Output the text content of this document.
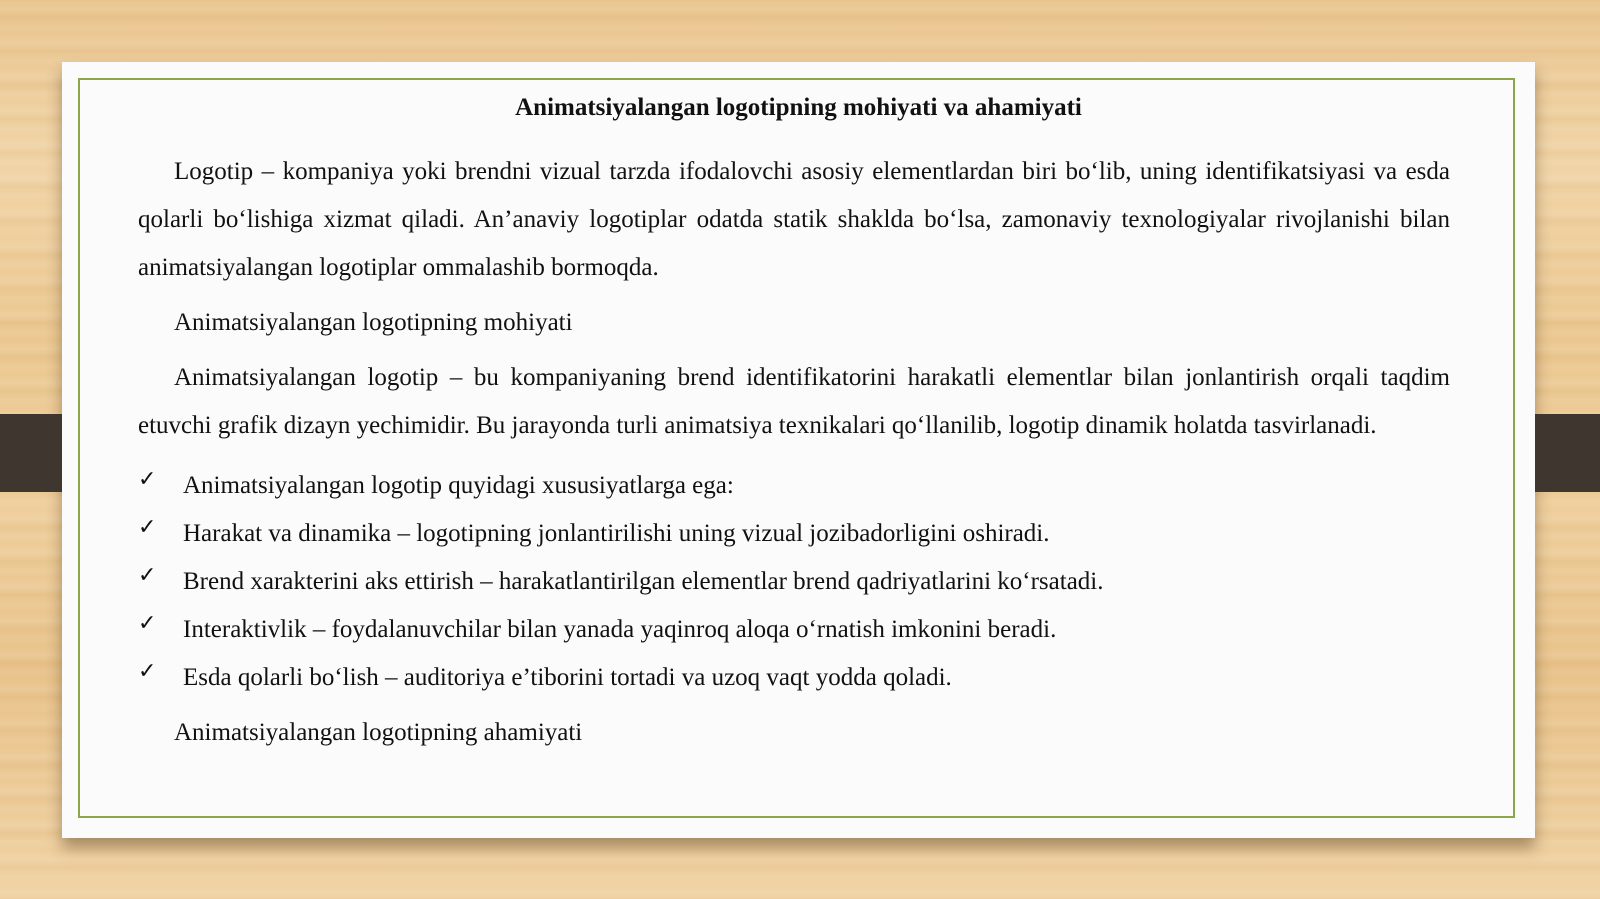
Animatsiyalangan logotipning mohiyati va ahamiyati

Logotip – kompaniya yoki brendni vizual tarzda ifodalovchi asosiy elementlardan biri bo‘lib, uning identifikatsiyasi va esda qolarli bo‘lishiga xizmat qiladi. An’anaviy logotiplar odatda statik shaklda bo‘lsa, zamonaviy texnologiyalar rivojlanishi bilan animatsiyalangan logotiplar ommalashib bormoqda.

Animatsiyalangan logotipning mohiyati

Animatsiyalangan logotip – bu kompaniyaning brend identifikatorini harakatli elementlar bilan jonlantirish orqali taqdim etuvchi grafik dizayn yechimidir. Bu jarayonda turli animatsiya texnikalari qo‘llanilib, logotip dinamik holatda tasvirlanadi.

✓ Animatsiyalangan logotip quyidagi xususiyatlarga ega:
✓ Harakat va dinamika – logotipning jonlantirilishi uning vizual jozibadorligini oshiradi.
✓ Brend xarakterini aks ettirish – harakatlantirilgan elementlar brend qadriyatlarini ko‘rsatadi.
✓ Interaktivlik – foydalanuvchilar bilan yanada yaqinroq aloqa o‘rnatish imkonini beradi.
✓ Esda qolarli bo‘lish – auditoriya e’tiborini tortadi va uzoq vaqt yodda qoladi.

Animatsiyalangan logotipning ahamiyati
